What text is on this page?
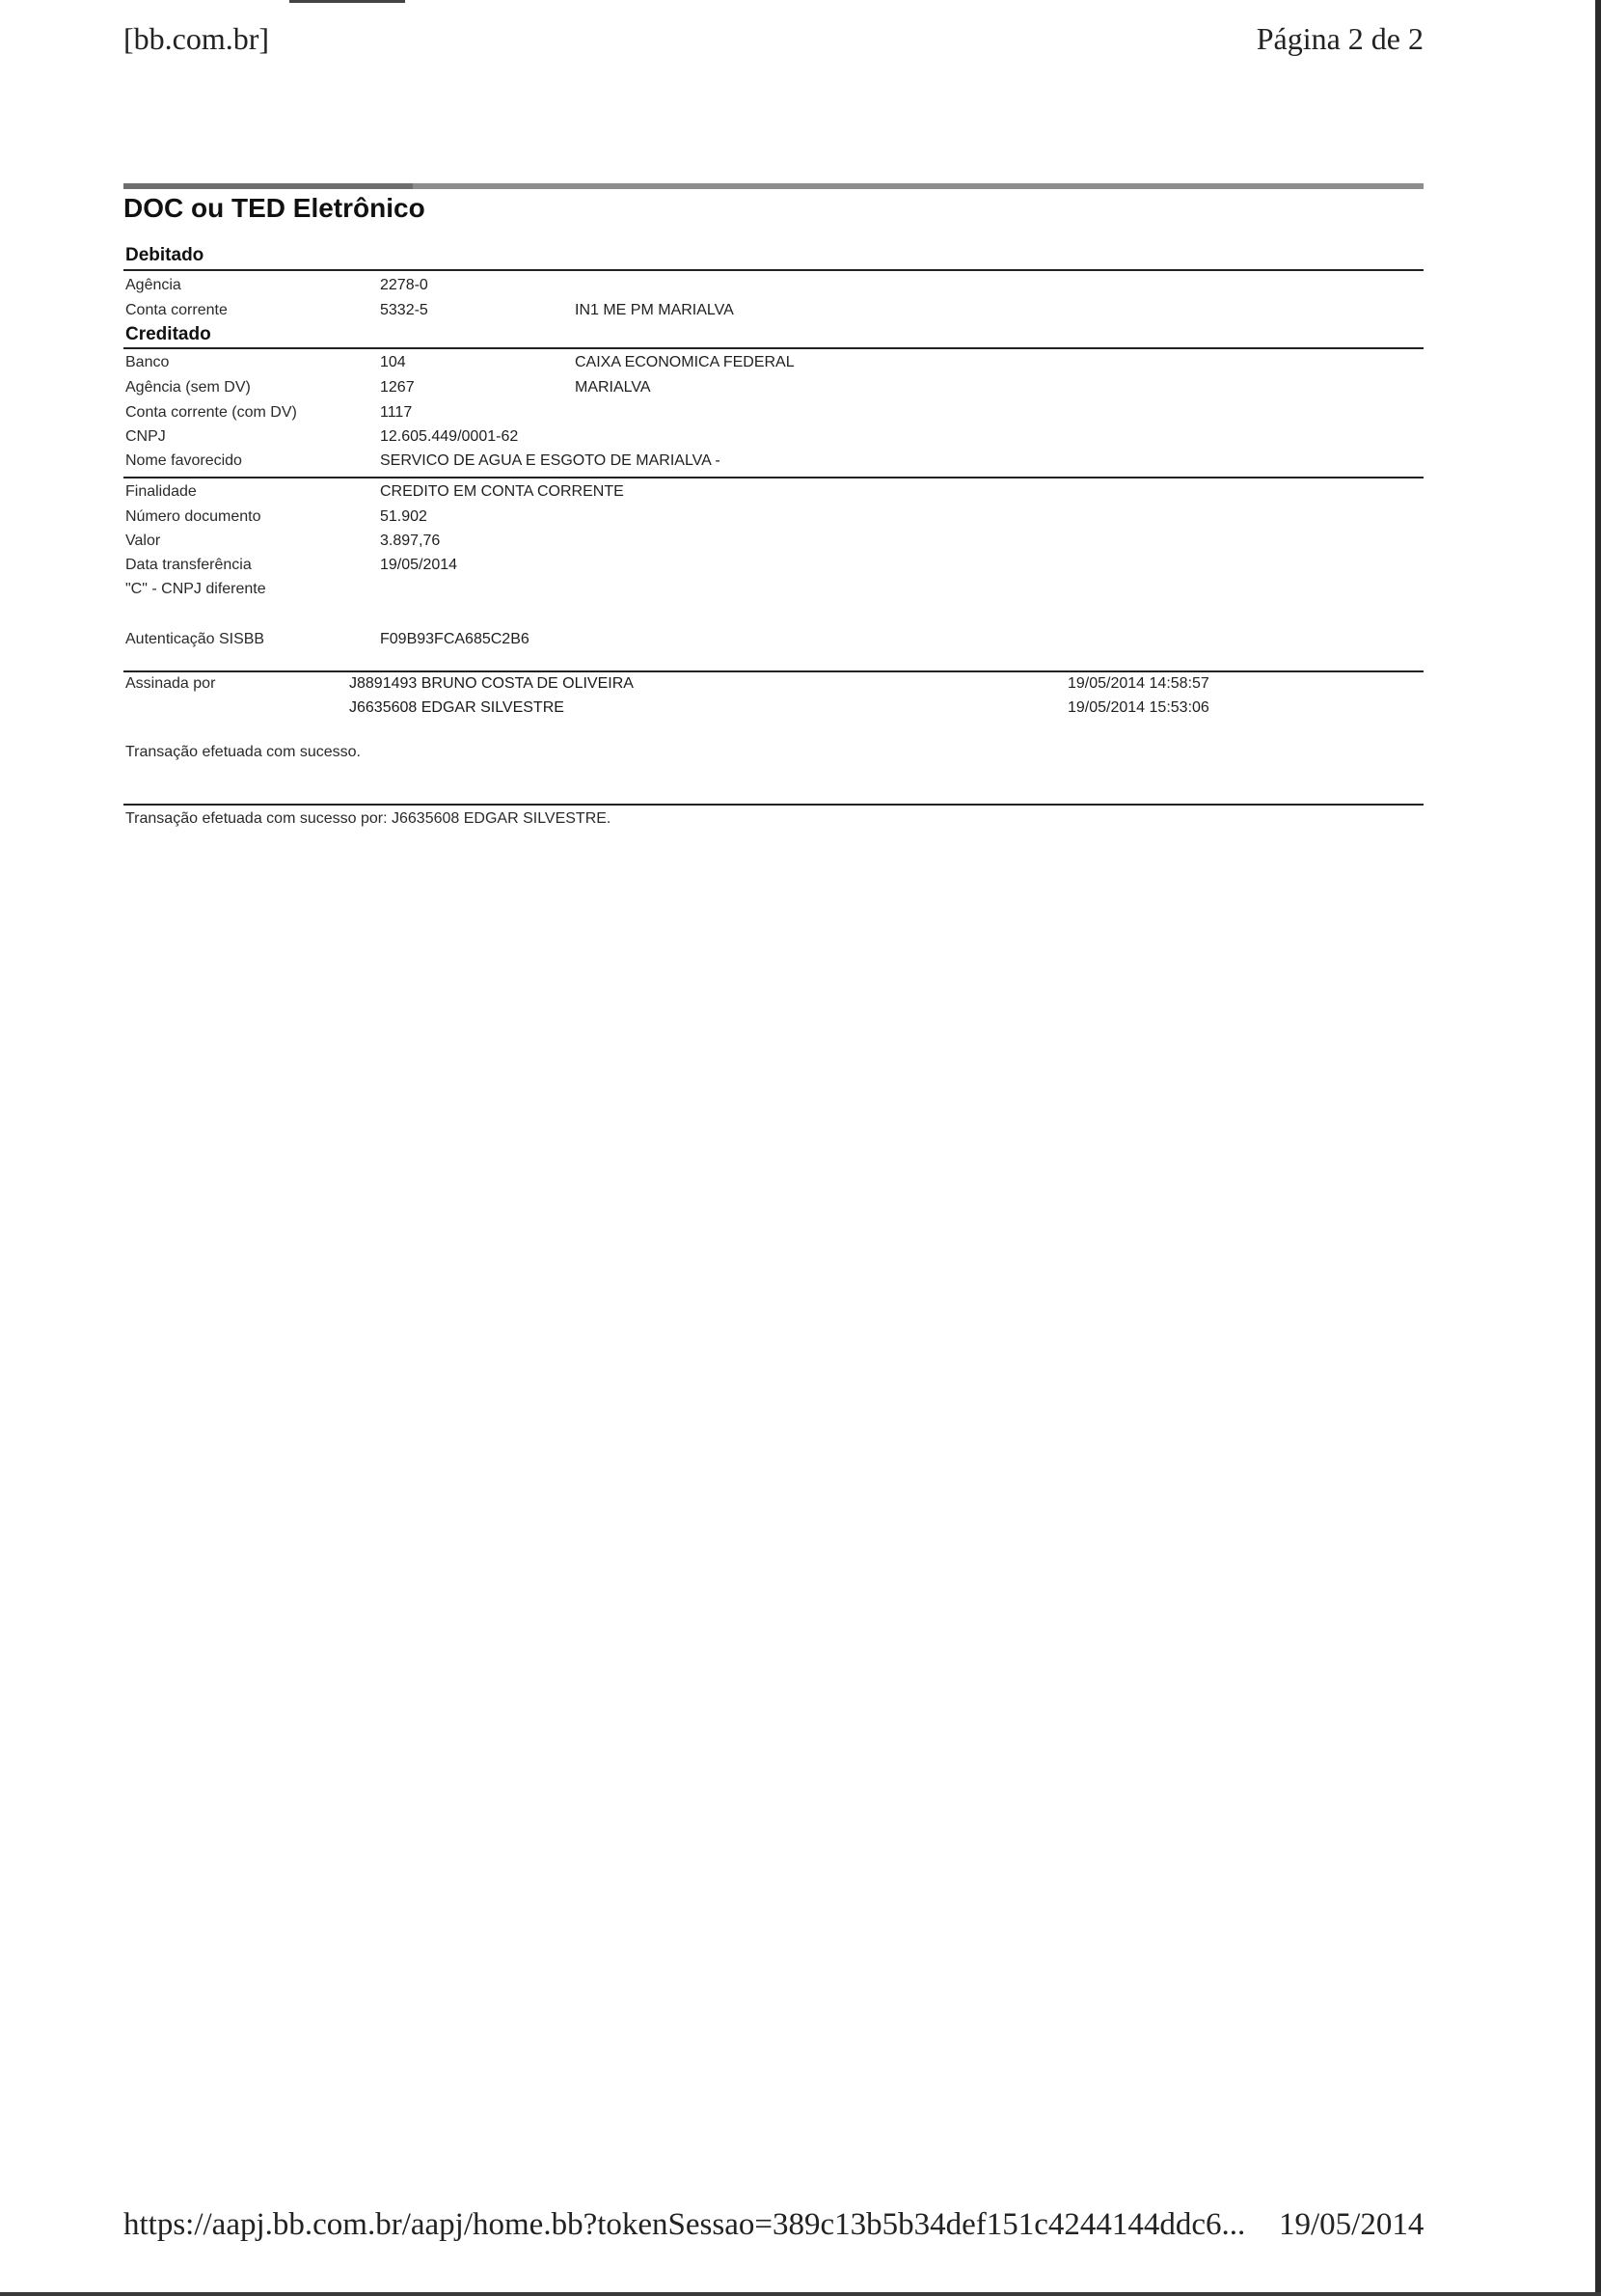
[bb.com.br]	Página 2 de 2
DOC ou TED Eletrônico
Debitado
Agência	2278-0
Conta corrente	5332-5	IN1 ME PM MARIALVA
Creditado
Banco	104	CAIXA ECONOMICA FEDERAL
Agência (sem DV)	1267	MARIALVA
Conta corrente (com DV)	1117
CNPJ	12.605.449/0001-62
Nome favorecido	SERVICO DE AGUA E ESGOTO DE MARIALVA -
Finalidade	CREDITO EM CONTA CORRENTE
Número documento	51.902
Valor	3.897,76
Data transferência	19/05/2014
"C" - CNPJ diferente
Autenticação SISBB	F09B93FCA685C2B6
Assinada por	J8891493 BRUNO COSTA DE OLIVEIRA	19/05/2014 14:58:57
J6635608 EDGAR SILVESTRE	19/05/2014 15:53:06
Transação efetuada com sucesso.
Transação efetuada com sucesso por: J6635608 EDGAR SILVESTRE.
https://aapj.bb.com.br/aapj/home.bb?tokenSessao=389c13b5b34def151c4244144ddc6... 19/05/2014
